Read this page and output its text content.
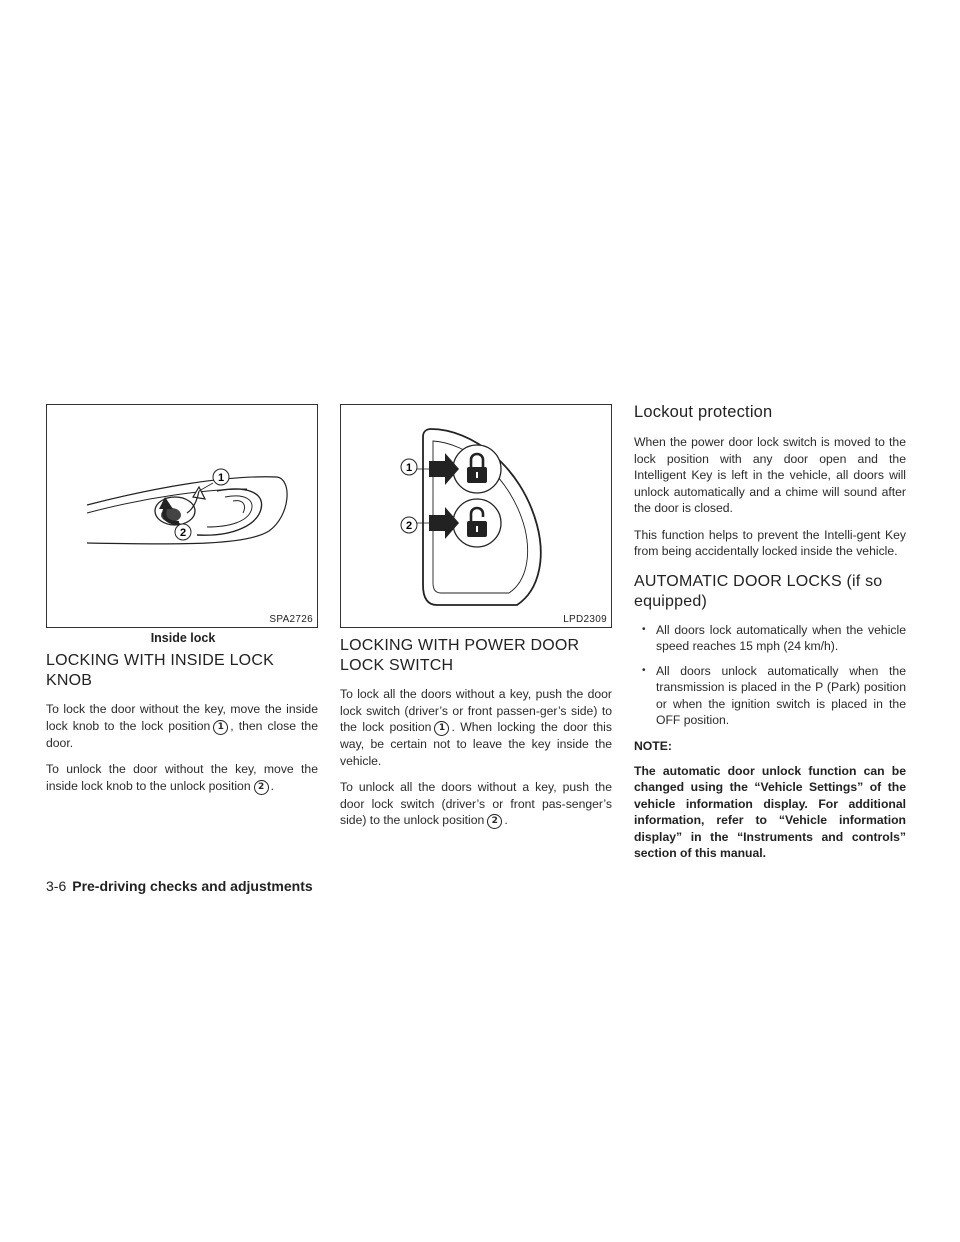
1
2
SPA2726
Inside lock
LOCKING WITH INSIDE LOCK KNOB

To lock the door without the key, move the inside lock knob to the lock position 1 , then close the door.

To unlock the door without the key, move the inside lock knob to the unlock position 2 .

1
2
LPD2309
LOCKING WITH POWER DOOR LOCK SWITCH

To lock all the doors without a key, push the door lock switch (driver’s or front passen-ger’s side) to the lock position 1 . When locking the door this way, be certain not to leave the key inside the vehicle.

To unlock all the doors without a key, push the door lock switch (driver’s or front pas-senger’s side) to the unlock position 2 .

Lockout protection

When the power door lock switch is moved to the lock position with any door open and the Intelligent Key is left in the vehicle, all doors will unlock automatically and a chime will sound after the door is closed.

This function helps to prevent the Intelli-gent Key from being accidentally locked inside the vehicle.

AUTOMATIC DOOR LOCKS (if so equipped)
• All doors lock automatically when the vehicle speed reaches 15 mph (24 km/h).
• All doors unlock automatically when the transmission is placed in the P (Park) position or when the ignition switch is placed in the OFF position.
NOTE:
The automatic door unlock function can be changed using the “Vehicle Settings” of the vehicle information display. For additional information, refer to “Vehicle information display” in the “Instruments and controls” section of this manual.
3-6 Pre-driving checks and adjustments
